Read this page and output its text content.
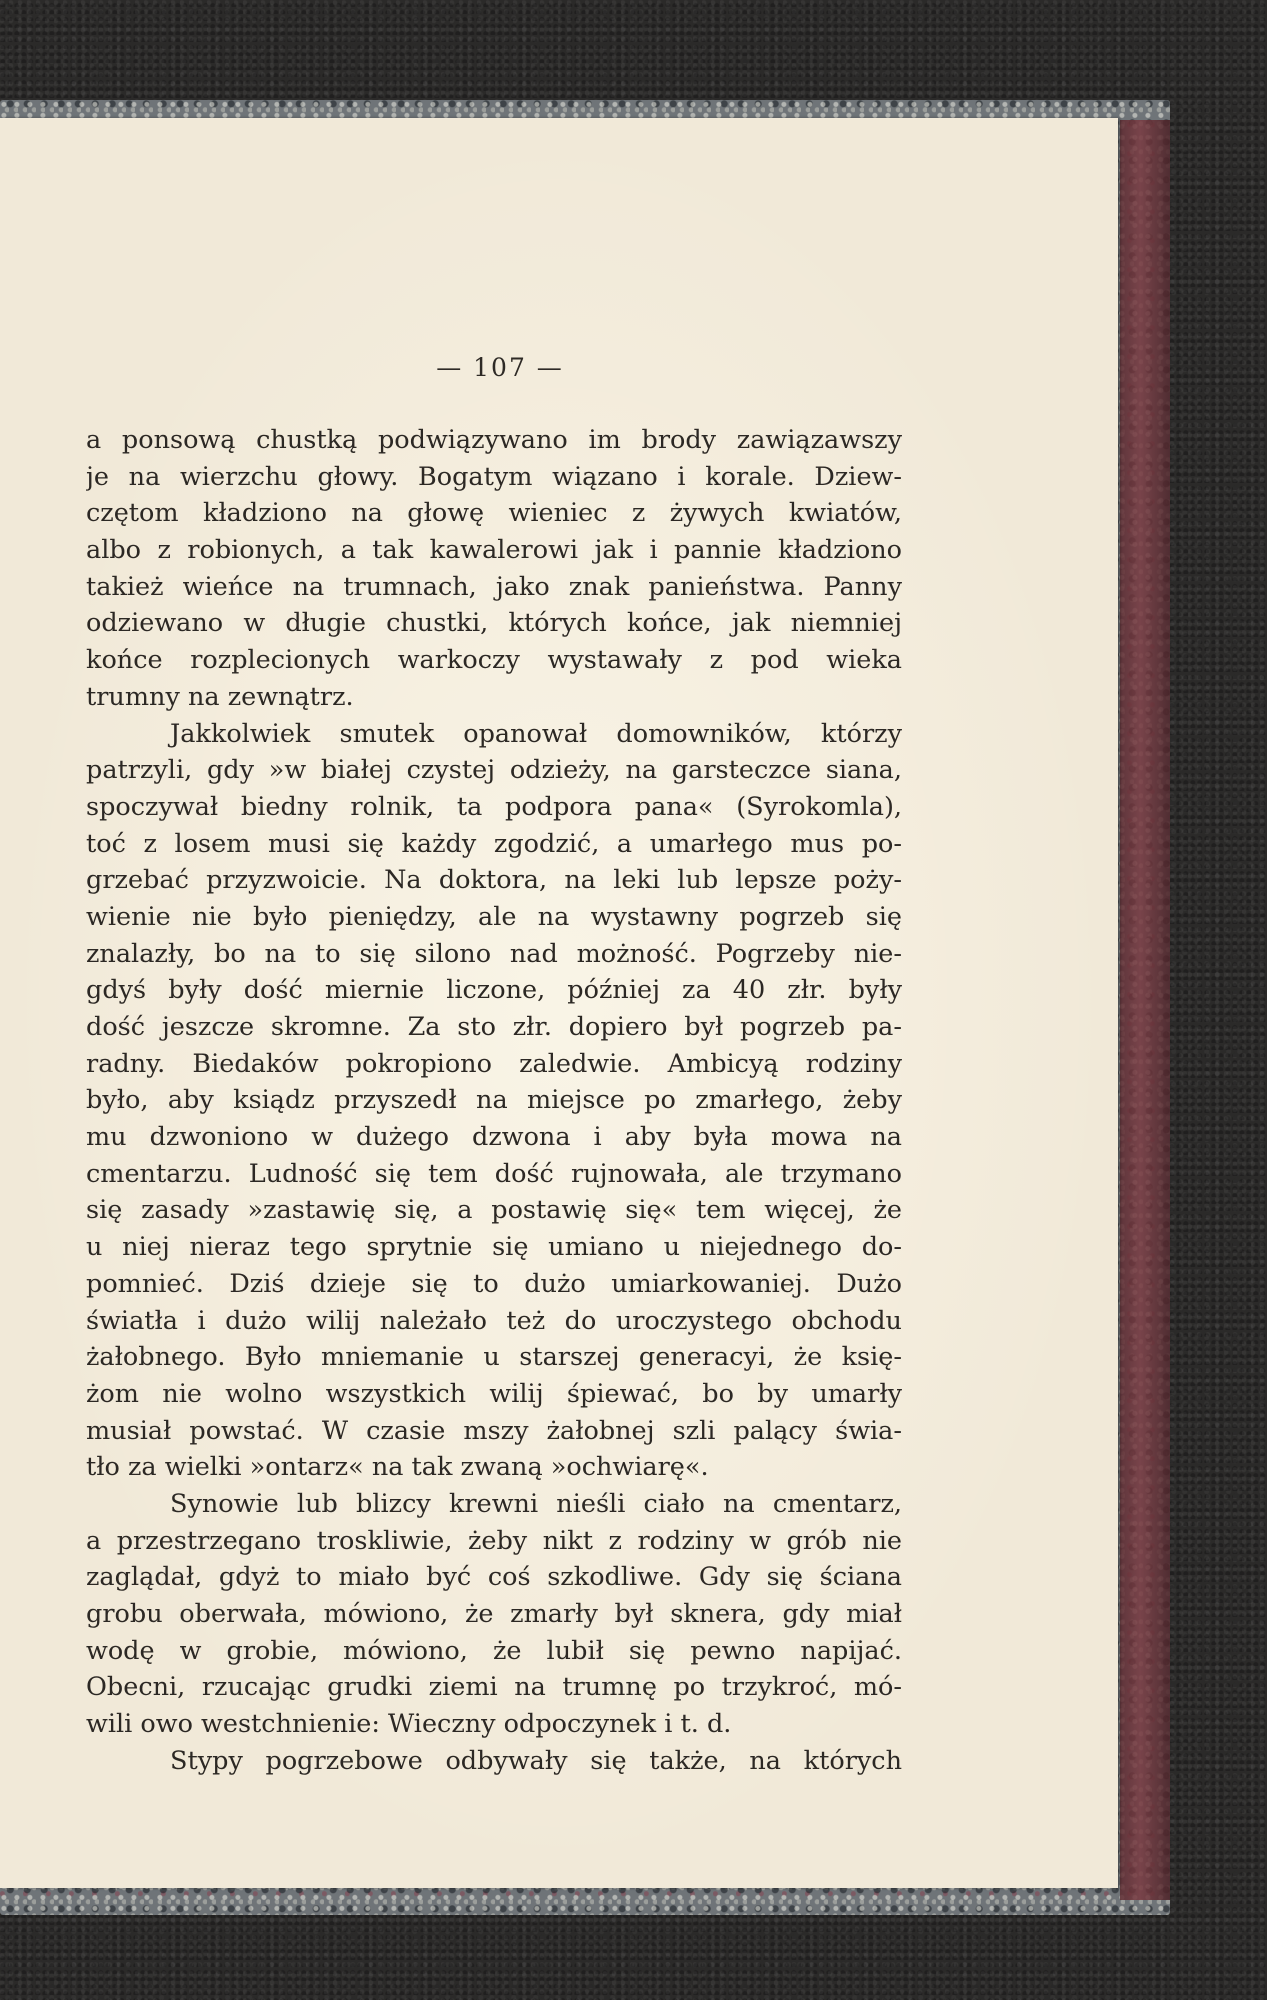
— 107 —
a ponsową chustką podwiązywano im brody zawiązawszy
je na wierzchu głowy. Bogatym wiązano i korale. Dziew-
czętom kładziono na głowę wieniec z żywych kwiatów,
albo z robionych, a tak kawalerowi jak i pannie kładziono
takież wieńce na trumnach, jako znak panieństwa. Panny
odziewano w długie chustki, których końce, jak niemniej
końce rozplecionych warkoczy wystawały z pod wieka
trumny na zewnątrz.
Jakkolwiek smutek opanował domowników, którzy
patrzyli, gdy »w białej czystej odzieży, na garsteczce siana,
spoczywał biedny rolnik, ta podpora pana« (Syrokomla),
toć z losem musi się każdy zgodzić, a umarłego mus po-
grzebać przyzwoicie. Na doktora, na leki lub lepsze poży-
wienie nie było pieniędzy, ale na wystawny pogrzeb się
znalazły, bo na to się silono nad możność. Pogrzeby nie-
gdyś były dość miernie liczone, później za 40 złr. były
dość jeszcze skromne. Za sto złr. dopiero był pogrzeb pa-
radny. Biedaków pokropiono zaledwie. Ambicyą rodziny
było, aby ksiądz przyszedł na miejsce po zmarłego, żeby
mu dzwoniono w dużego dzwona i aby była mowa na
cmentarzu. Ludność się tem dość rujnowała, ale trzymano
się zasady »zastawię się, a postawię się« tem więcej, że
u niej nieraz tego sprytnie się umiano u niejednego do-
pomnieć. Dziś dzieje się to dużo umiarkowaniej. Dużo
światła i dużo wilij należało też do uroczystego obchodu
żałobnego. Było mniemanie u starszej generacyi, że księ-
żom nie wolno wszystkich wilij śpiewać, bo by umarły
musiał powstać. W czasie mszy żałobnej szli palący świa-
tło za wielki »ontarz« na tak zwaną »ochwiarę«.
Synowie lub blizcy krewni nieśli ciało na cmentarz,
a przestrzegano troskliwie, żeby nikt z rodziny w grób nie
zaglądał, gdyż to miało być coś szkodliwe. Gdy się ściana
grobu oberwała, mówiono, że zmarły był sknera, gdy miał
wodę w grobie, mówiono, że lubił się pewno napijać.
Obecni, rzucając grudki ziemi na trumnę po trzykroć, mó-
wili owo westchnienie: Wieczny odpoczynek i t. d.
Stypy pogrzebowe odbywały się także, na których
